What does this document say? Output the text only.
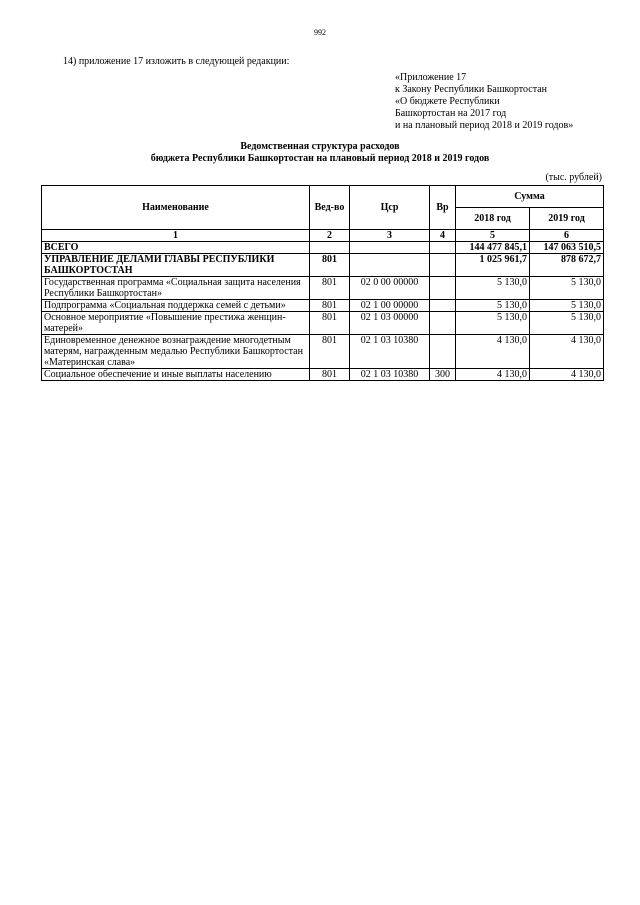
992
14) приложение 17 изложить в следующей редакции:
«Приложение 17
к Закону Республики Башкортостан
«О бюджете Республики
Башкортостан на 2017 год
и на плановый период 2018 и 2019 годов»
Ведомственная структура расходов
бюджета Республики Башкортостан на плановый период 2018 и 2019 годов
(тыс. рублей)
Наименование	Вед-во	Цср	Вр	Сумма	
				2018 год	2019 год
1	2	3	4	5	6
ВСЕГО				144 477 845,1	147 063 510,5
УПРАВЛЕНИЕ ДЕЛАМИ ГЛАВЫ РЕСПУБЛИКИ БАШКОРТОСТАН	801			1 025 961,7	878 672,7
Государственная программа «Социальная защита населения Республики Башкортостан»	801	02 0 00 00000		5 130,0	5 130,0
Подпрограмма «Социальная поддержка семей с детьми»	801	02 1 00 00000		5 130,0	5 130,0
Основное мероприятие «Повышение престижа женщин-матерей»	801	02 1 03 00000		5 130,0	5 130,0
Единовременное денежное вознаграждение многодетным матерям, награжденным медалью Республики Башкортостан «Материнская слава»	801	02 1 03 10380		4 130,0	4 130,0
Социальное обеспечение и иные выплаты населению	801	02 1 03 10380	300	4 130,0	4 130,0
